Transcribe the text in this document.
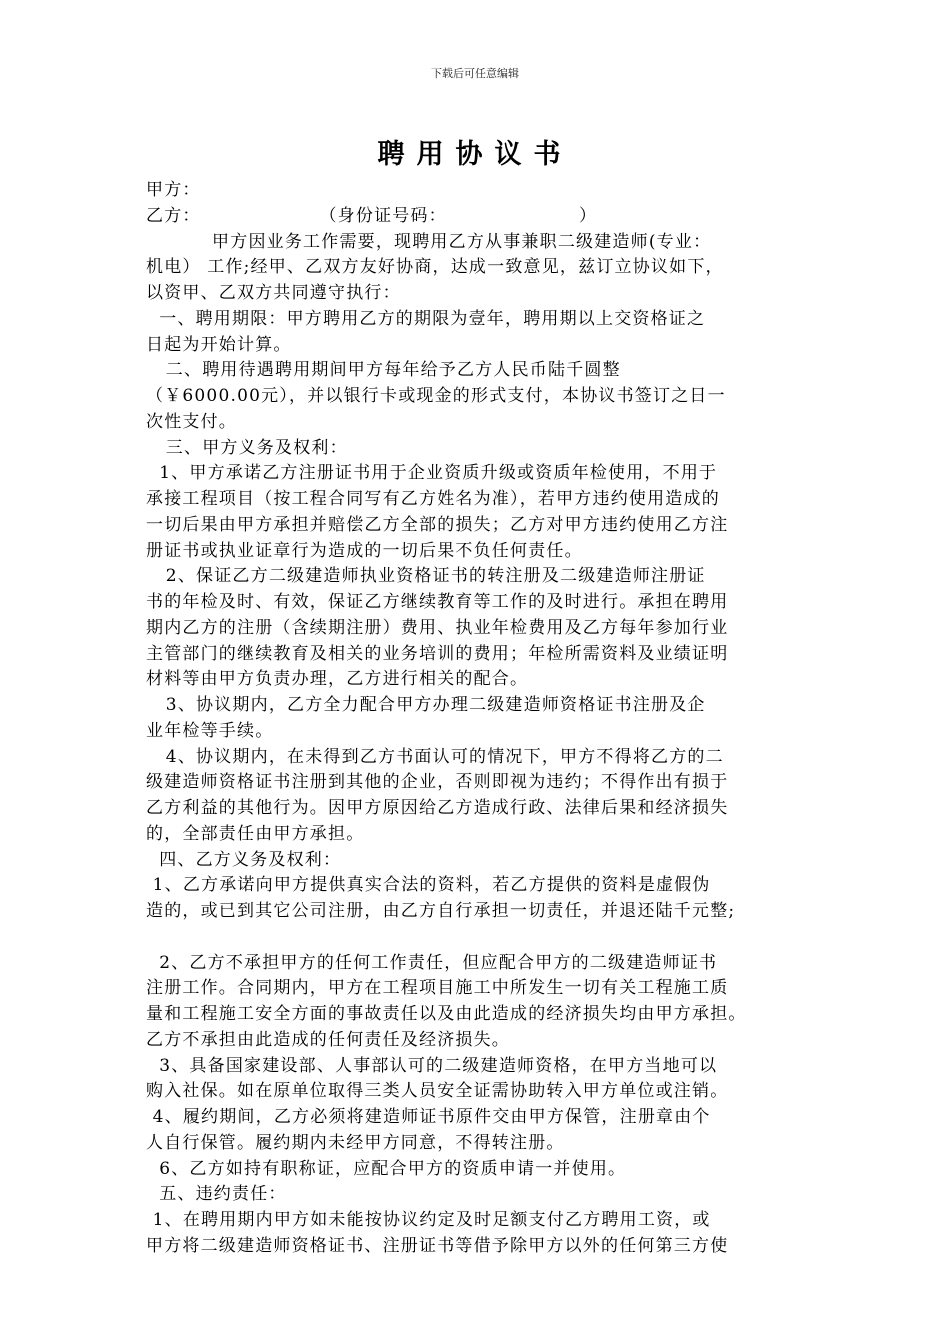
下载后可任意编辑
聘用协议书
甲方：
乙方：                  （身份证号码：                    ）
甲方因业务工作需要，现聘用乙方从事兼职二级建造师(专业：
机电） 工作;经甲、乙双方友好协商，达成一致意见，兹订立协议如下，
以资甲、乙双方共同遵守执行：
一、聘用期限：甲方聘用乙方的期限为壹年，聘用期以上交资格证之
日起为开始计算。
二、聘用待遇聘用期间甲方每年给予乙方人民币陆千圆整
（￥6000.00元），并以银行卡或现金的形式支付，本协议书签订之日一
次性支付。
三、甲方义务及权利：
1、甲方承诺乙方注册证书用于企业资质升级或资质年检使用，不用于
承接工程项目（按工程合同写有乙方姓名为准），若甲方违约使用造成的
一切后果由甲方承担并赔偿乙方全部的损失；乙方对甲方违约使用乙方注
册证书或执业证章行为造成的一切后果不负任何责任。
2、保证乙方二级建造师执业资格证书的转注册及二级建造师注册证
书的年检及时、有效，保证乙方继续教育等工作的及时进行。承担在聘用
期内乙方的注册（含续期注册）费用、执业年检费用及乙方每年参加行业
主管部门的继续教育及相关的业务培训的费用；年检所需资料及业绩证明
材料等由甲方负责办理，乙方进行相关的配合。
3、协议期内，乙方全力配合甲方办理二级建造师资格证书注册及企
业年检等手续。
4、协议期内，在未得到乙方书面认可的情况下，甲方不得将乙方的二
级建造师资格证书注册到其他的企业，否则即视为违约；不得作出有损于
乙方利益的其他行为。因甲方原因给乙方造成行政、法律后果和经济损失
的，全部责任由甲方承担。
四、乙方义务及权利：
1、乙方承诺向甲方提供真实合法的资料，若乙方提供的资料是虚假伪
造的，或已到其它公司注册，由乙方自行承担一切责任，并退还陆千元整;
2、乙方不承担甲方的任何工作责任，但应配合甲方的二级建造师证书
注册工作。合同期内，甲方在工程项目施工中所发生一切有关工程施工质
量和工程施工安全方面的事故责任以及由此造成的经济损失均由甲方承担。
乙方不承担由此造成的任何责任及经济损失。
3、具备国家建设部、人事部认可的二级建造师资格，在甲方当地可以
购入社保。如在原单位取得三类人员安全证需协助转入甲方单位或注销。
4、履约期间，乙方必须将建造师证书原件交由甲方保管，注册章由个
人自行保管。履约期内未经甲方同意，不得转注册。
6、乙方如持有职称证，应配合甲方的资质申请一并使用。
五、违约责任：
1、在聘用期内甲方如未能按协议约定及时足额支付乙方聘用工资，或
甲方将二级建造师资格证书、注册证书等借予除甲方以外的任何第三方使
